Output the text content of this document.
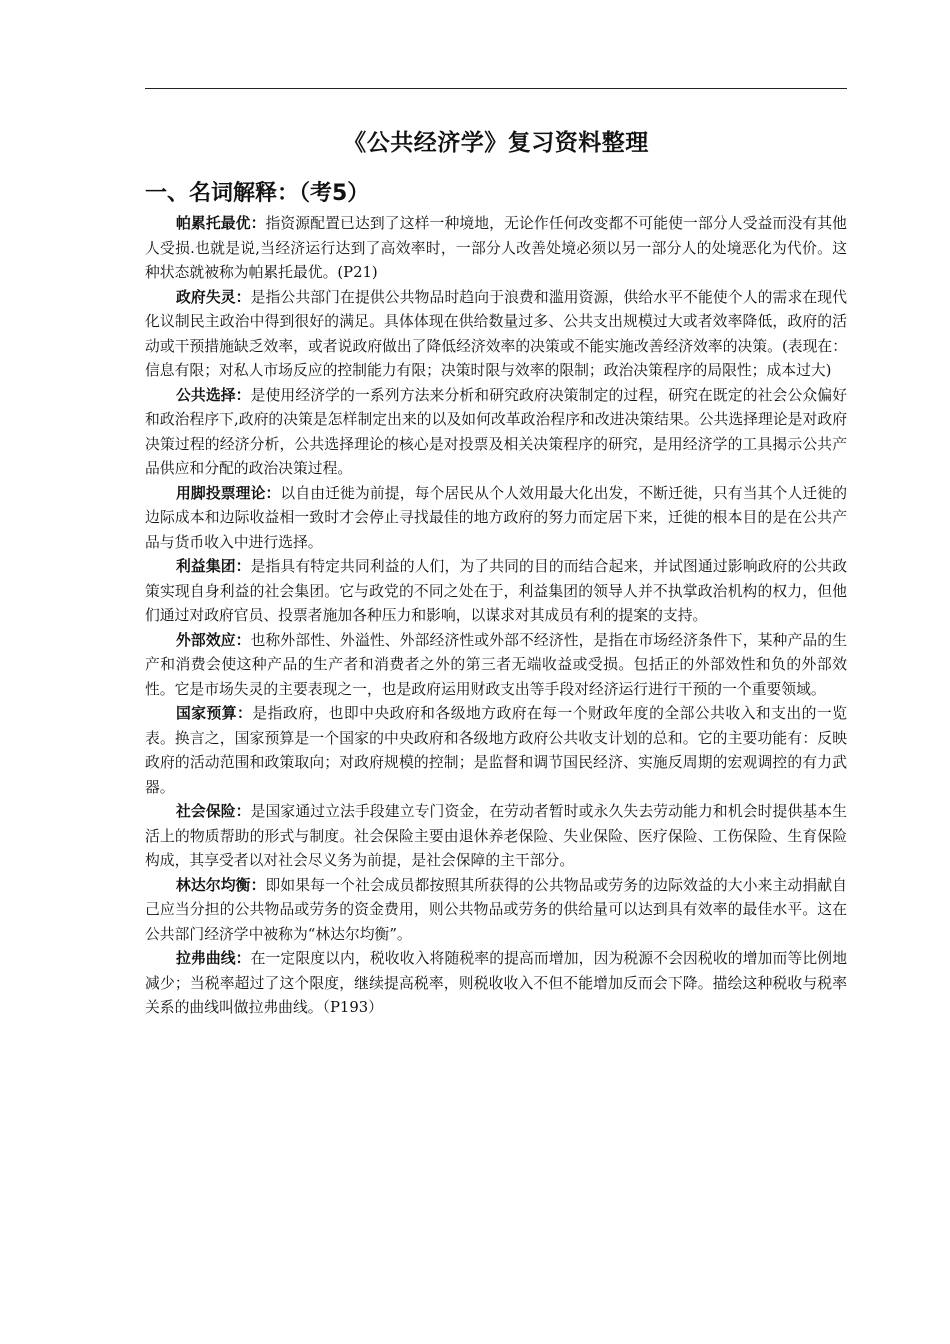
《公共经济学》复习资料整理
一、名词解释：（考5）

帕累托最优：指资源配置已达到了这样一种境地，无论作任何改变都不可能使一部分人受益而没有其他人受损.也就是说,当经济运行达到了高效率时，一部分人改善处境必须以另一部分人的处境恶化为代价。这种状态就被称为帕累托最优。(P21)

政府失灵：是指公共部门在提供公共物品时趋向于浪费和滥用资源，供给水平不能使个人的需求在现代化议制民主政治中得到很好的满足。具体体现在供给数量过多、公共支出规模过大或者效率降低，政府的活动或干预措施缺乏效率，或者说政府做出了降低经济效率的决策或不能实施改善经济效率的决策。(表现在：信息有限；对私人市场反应的控制能力有限；决策时限与效率的限制；政治决策程序的局限性；成本过大)

公共选择：是使用经济学的一系列方法来分析和研究政府决策制定的过程，研究在既定的社会公众偏好和政治程序下,政府的决策是怎样制定出来的以及如何改革政治程序和改进决策结果。公共选择理论是对政府决策过程的经济分析，公共选择理论的核心是对投票及相关决策程序的研究，是用经济学的工具揭示公共产品供应和分配的政治决策过程。

用脚投票理论：以自由迁徙为前提，每个居民从个人效用最大化出发，不断迁徙，只有当其个人迁徙的边际成本和边际收益相一致时才会停止寻找最佳的地方政府的努力而定居下来，迁徙的根本目的是在公共产品与货币收入中进行选择。

利益集团：是指具有特定共同利益的人们，为了共同的目的而结合起来，并试图通过影响政府的公共政策实现自身利益的社会集团。它与政党的不同之处在于，利益集团的领导人并不执掌政治机构的权力，但他们通过对政府官员、投票者施加各种压力和影响，以谋求对其成员有利的提案的支持。

外部效应：也称外部性、外溢性、外部经济性或外部不经济性，是指在市场经济条件下，某种产品的生产和消费会使这种产品的生产者和消费者之外的第三者无端收益或受损。包括正的外部效性和负的外部效性。它是市场失灵的主要表现之一，也是政府运用财政支出等手段对经济运行进行干预的一个重要领域。

国家预算：是指政府，也即中央政府和各级地方政府在每一个财政年度的全部公共收入和支出的一览表。换言之，国家预算是一个国家的中央政府和各级地方政府公共收支计划的总和。它的主要功能有：反映政府的活动范围和政策取向；对政府规模的控制；是监督和调节国民经济、实施反周期的宏观调控的有力武器。

社会保险：是国家通过立法手段建立专门资金，在劳动者暂时或永久失去劳动能力和机会时提供基本生活上的物质帮助的形式与制度。社会保险主要由退休养老保险、失业保险、医疗保险、工伤保险、生育保险构成，其享受者以对社会尽义务为前提，是社会保障的主干部分。

林达尔均衡：即如果每一个社会成员都按照其所获得的公共物品或劳务的边际效益的大小来主动捐献自己应当分担的公共物品或劳务的资金费用，则公共物品或劳务的供给量可以达到具有效率的最佳水平。这在公共部门经济学中被称为“林达尔均衡”。

拉弗曲线：在一定限度以内，税收收入将随税率的提高而增加，因为税源不会因税收的增加而等比例地减少；当税率超过了这个限度，继续提高税率，则税收收入不但不能增加反而会下降。描绘这种税收与税率关系的曲线叫做拉弗曲线。（P193）
